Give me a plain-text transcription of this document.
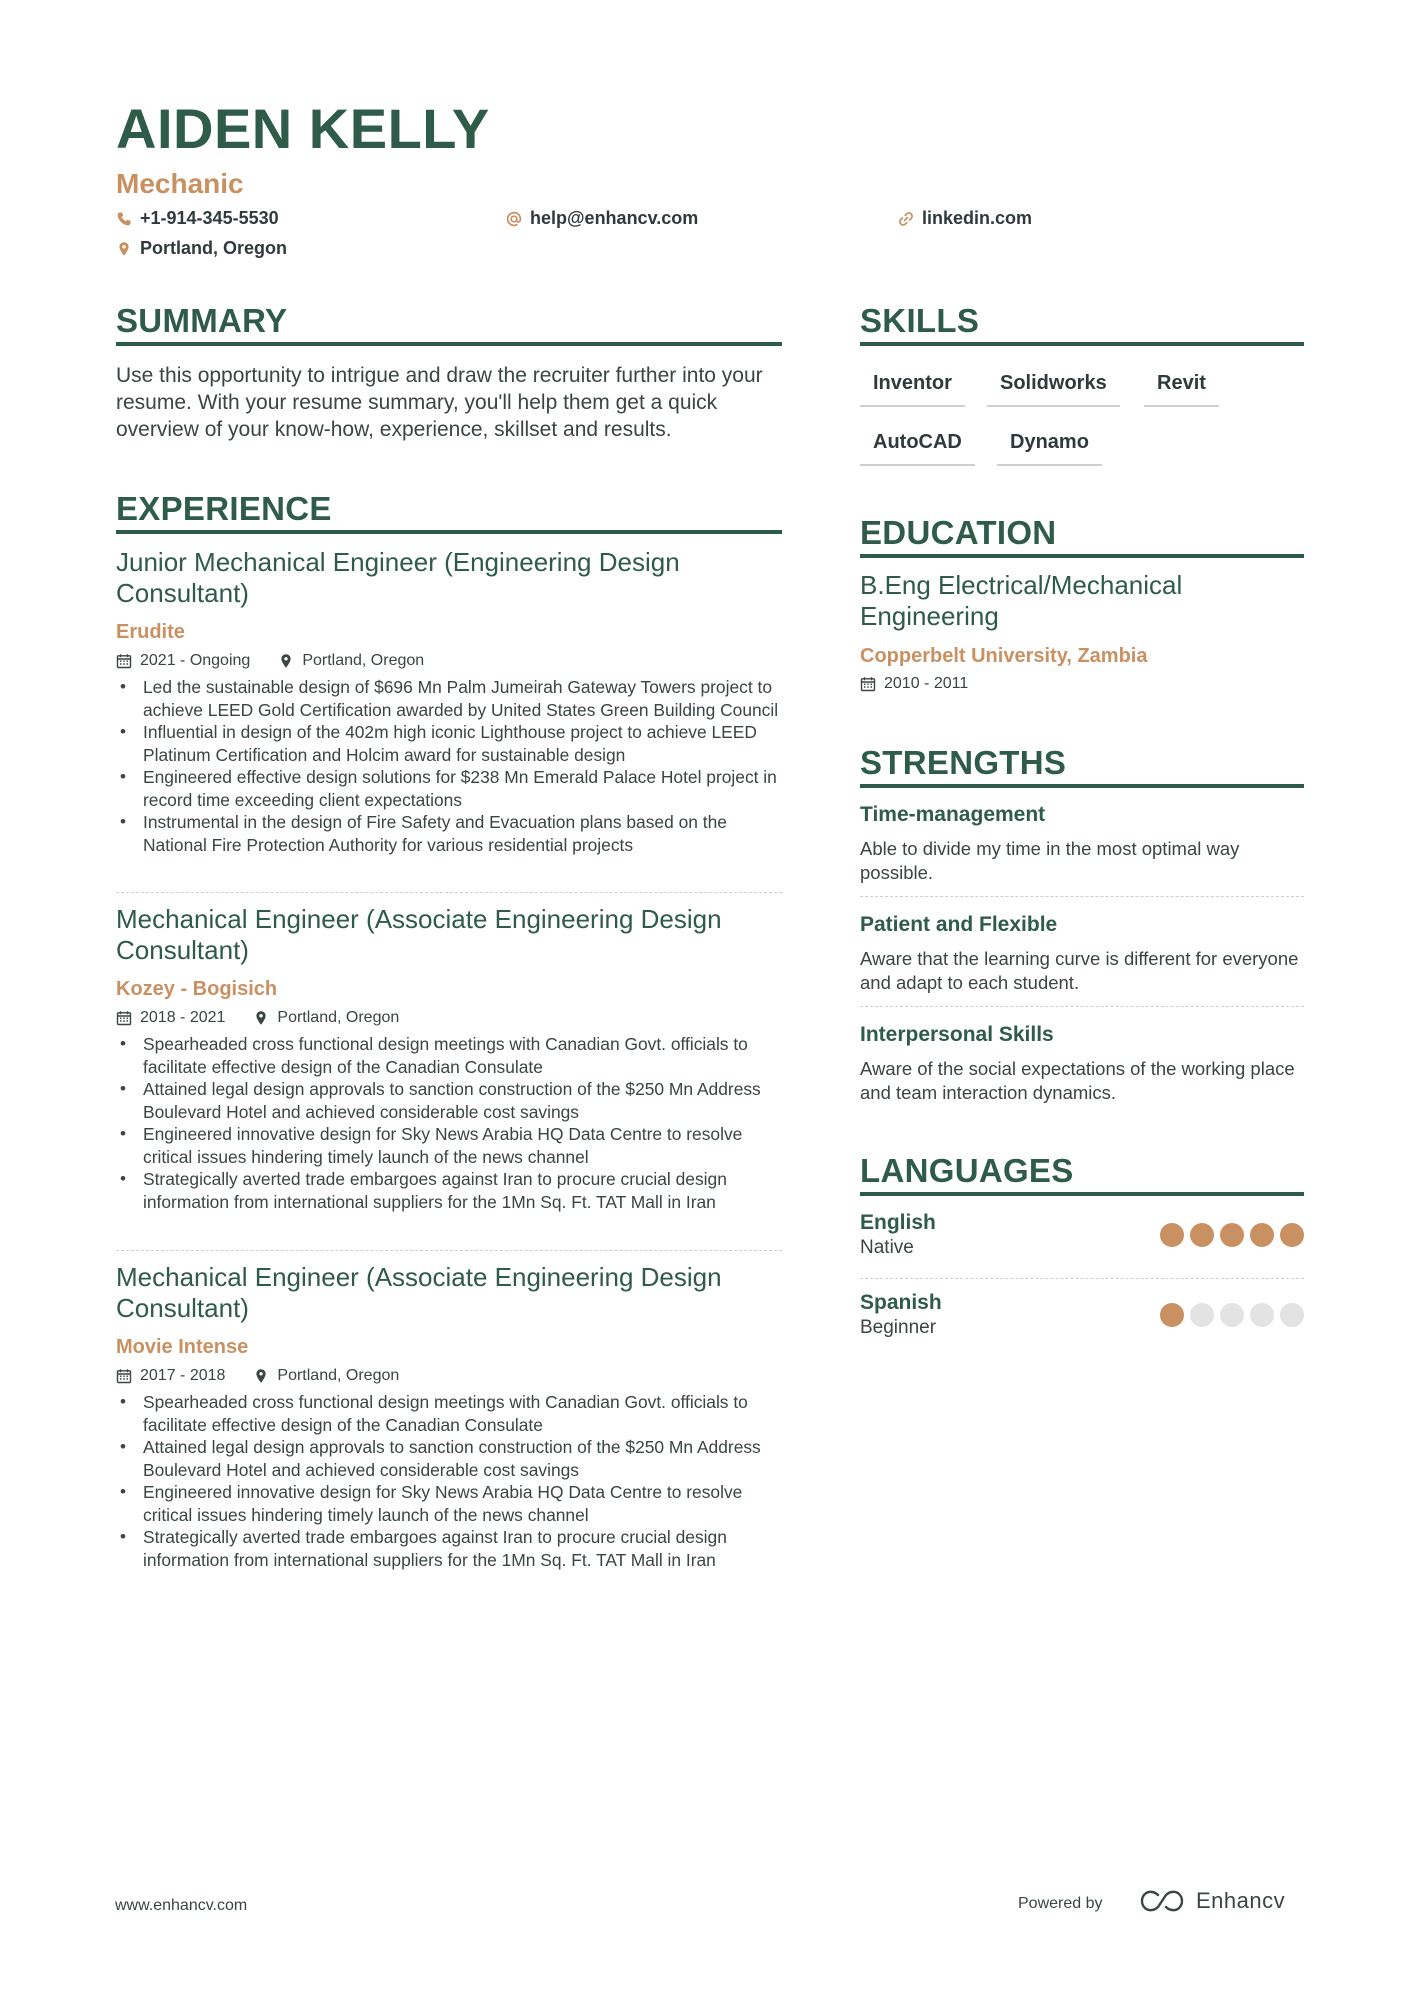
AIDEN KELLY
Mechanic
+1-914-345-5530	help@enhancv.com	linkedin.com
Portland, Oregon
SUMMARY
Use this opportunity to intrigue and draw the recruiter further into your resume. With your resume summary, you'll help them get a quick overview of your know-how, experience, skillset and results.
EXPERIENCE
Junior Mechanical Engineer (Engineering Design Consultant)
Erudite
2021 - Ongoing	Portland, Oregon
• Led the sustainable design of $696 Mn Palm Jumeirah Gateway Towers project to achieve LEED Gold Certification awarded by United States Green Building Council
• Influential in design of the 402m high iconic Lighthouse project to achieve LEED Platinum Certification and Holcim award for sustainable design
• Engineered effective design solutions for $238 Mn Emerald Palace Hotel project in record time exceeding client expectations
• Instrumental in the design of Fire Safety and Evacuation plans based on the National Fire Protection Authority for various residential projects
Mechanical Engineer (Associate Engineering Design Consultant)
Kozey - Bogisich
2018 - 2021	Portland, Oregon
• Spearheaded cross functional design meetings with Canadian Govt. officials to facilitate effective design of the Canadian Consulate
• Attained legal design approvals to sanction construction of the $250 Mn Address Boulevard Hotel and achieved considerable cost savings
• Engineered innovative design for Sky News Arabia HQ Data Centre to resolve critical issues hindering timely launch of the news channel
• Strategically averted trade embargoes against Iran to procure crucial design information from international suppliers for the 1Mn Sq. Ft. TAT Mall in Iran
Mechanical Engineer (Associate Engineering Design Consultant)
Movie Intense
2017 - 2018	Portland, Oregon
• Spearheaded cross functional design meetings with Canadian Govt. officials to facilitate effective design of the Canadian Consulate
• Attained legal design approvals to sanction construction of the $250 Mn Address Boulevard Hotel and achieved considerable cost savings
• Engineered innovative design for Sky News Arabia HQ Data Centre to resolve critical issues hindering timely launch of the news channel
• Strategically averted trade embargoes against Iran to procure crucial design information from international suppliers for the 1Mn Sq. Ft. TAT Mall in Iran
SKILLS
Inventor	Solidworks	Revit
AutoCAD	Dynamo
EDUCATION
B.Eng Electrical/Mechanical Engineering
Copperbelt University, Zambia
2010 - 2011
STRENGTHS
Time-management
Able to divide my time in the most optimal way possible.
Patient and Flexible
Aware that the learning curve is different for everyone and adapt to each student.
Interpersonal Skills
Aware of the social expectations of the working place and team interaction dynamics.
LANGUAGES
English
Native
Spanish
Beginner
www.enhancv.com	Powered by	Enhancv
